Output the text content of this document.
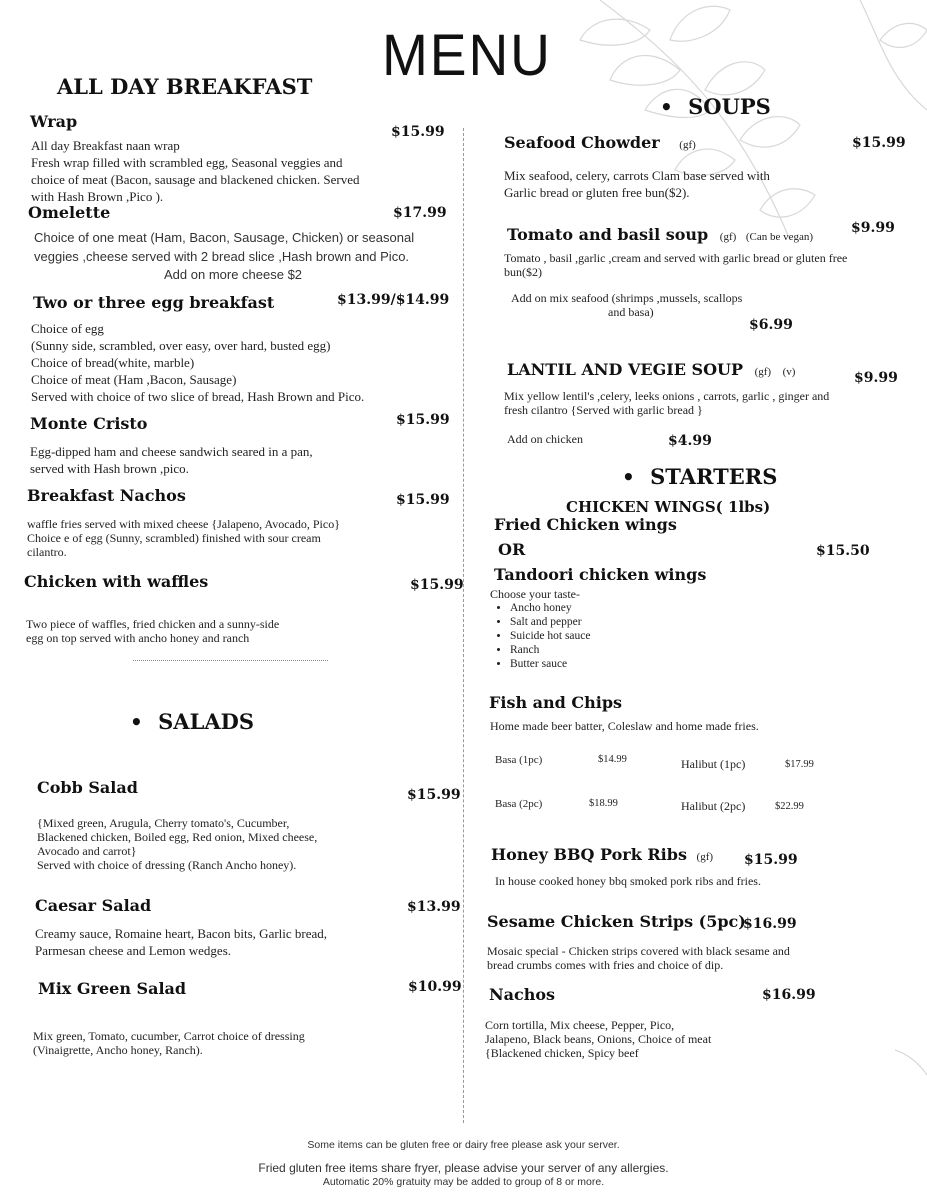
MENU
ALL DAY BREAKFAST
Wrap
$15.99
All day Breakfast naan wrap
Fresh wrap filled with scrambled egg, Seasonal veggies and
choice of meat (Bacon, sausage and blackened chicken. Served
with Hash Brown ,Pico ).
Omelette	$17.99
Choice of one meat (Ham, Bacon, Sausage, Chicken) or seasonal
veggies ,cheese served with 2 bread slice ,Hash brown and Pico.
Add on more cheese $2
Two or three egg breakfast	$13.99/$14.99
Choice of egg
(Sunny side, scrambled, over easy, over hard, busted egg)
Choice of bread(white, marble)
Choice of meat (Ham ,Bacon, Sausage)
Served with choice of two slice of bread, Hash Brown and Pico.
Monte Cristo	$15.99
Egg-dipped ham and cheese sandwich seared in a pan,
served with Hash brown ,pico.
Breakfast Nachos	$15.99
waffle fries served with mixed cheese {Jalapeno, Avocado, Pico}
Choice e of egg (Sunny, scrambled) finished with sour cream
cilantro.
Chicken with waffles	$15.99
Two piece of waffles, fried chicken and a sunny-side
egg on top served with ancho honey and ranch
• SALADS
Cobb Salad	$15.99
{Mixed green, Arugula, Cherry tomato's, Cucumber,
Blackened chicken, Boiled egg, Red onion, Mixed cheese,
Avocado and carrot}
Served with choice of dressing (Ranch Ancho honey).
Caesar Salad	$13.99
Creamy sauce, Romaine heart, Bacon bits, Garlic bread,
Parmesan cheese and Lemon wedges.
Mix Green Salad	$10.99
Mix green, Tomato, cucumber, Carrot choice of dressing
(Vinaigrette, Ancho honey, Ranch).
• SOUPS
Seafood Chowder (gf)	$15.99
Mix seafood, celery, carrots Clam base served with
Garlic bread or gluten free bun($2).
Tomato and basil soup (gf) (Can be vegan)
$9.99
Tomato , basil ,garlic ,cream and served with garlic bread or gluten free
bun($2)
Add on mix seafood (shrimps ,mussels, scallops
and basa)
$6.99
LANTIL AND VEGIE SOUP (gf) (v)	$9.99
Mix yellow lentil's ,celery, leeks onions , carrots, garlic , ginger and
fresh cilantro {Served with garlic bread }
Add on chicken	$4.99
• STARTERS
CHICKEN WINGS( 1lbs)
Fried Chicken wings
OR	$15.50
Tandoori chicken wings
Choose your taste-
• Ancho honey
• Salt and pepper
• Suicide hot sauce
• Ranch
• Butter sauce
Fish and Chips
Home made beer batter, Coleslaw and home made fries.
Basa (1pc)	$14.99	Halibut (1pc)	$17.99
Basa (2pc)	$18.99	Halibut (2pc)	$22.99
Honey BBQ Pork Ribs (gf) $15.99
In house cooked honey bbq smoked pork ribs and fries.
Sesame Chicken Strips (5pc)
$16.99
Mosaic special - Chicken strips covered with black sesame and
bread crumbs comes with fries and choice of dip.
Nachos	$16.99
Corn tortilla, Mix cheese, Pepper, Pico,
Jalapeno, Black beans, Onions, Choice of meat
{Blackened chicken, Spicy beef
Some items can be gluten free or dairy free please ask your server.
Fried gluten free items share fryer, please advise your server of any allergies.
Automatic 20% gratuity may be added to group of 8 or more.
